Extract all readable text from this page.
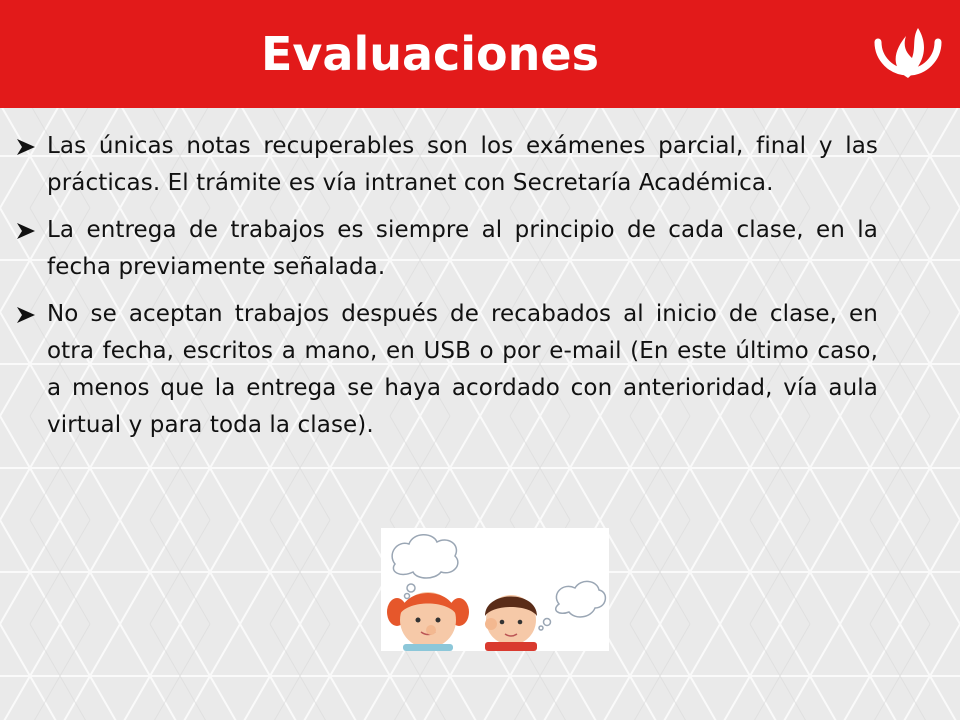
Evaluaciones
Las únicas notas recuperables son los exámenes parcial, final y las prácticas. El trámite es vía intranet con Secretaría Académica.
La entrega de trabajos es siempre al principio de cada clase, en la fecha previamente señalada.
No se aceptan trabajos después de recabados al inicio de clase, en otra fecha, escritos a mano, en USB o por e-mail (En este último caso, a menos que la entrega se haya acordado con anterioridad, vía aula virtual y para toda la clase).
